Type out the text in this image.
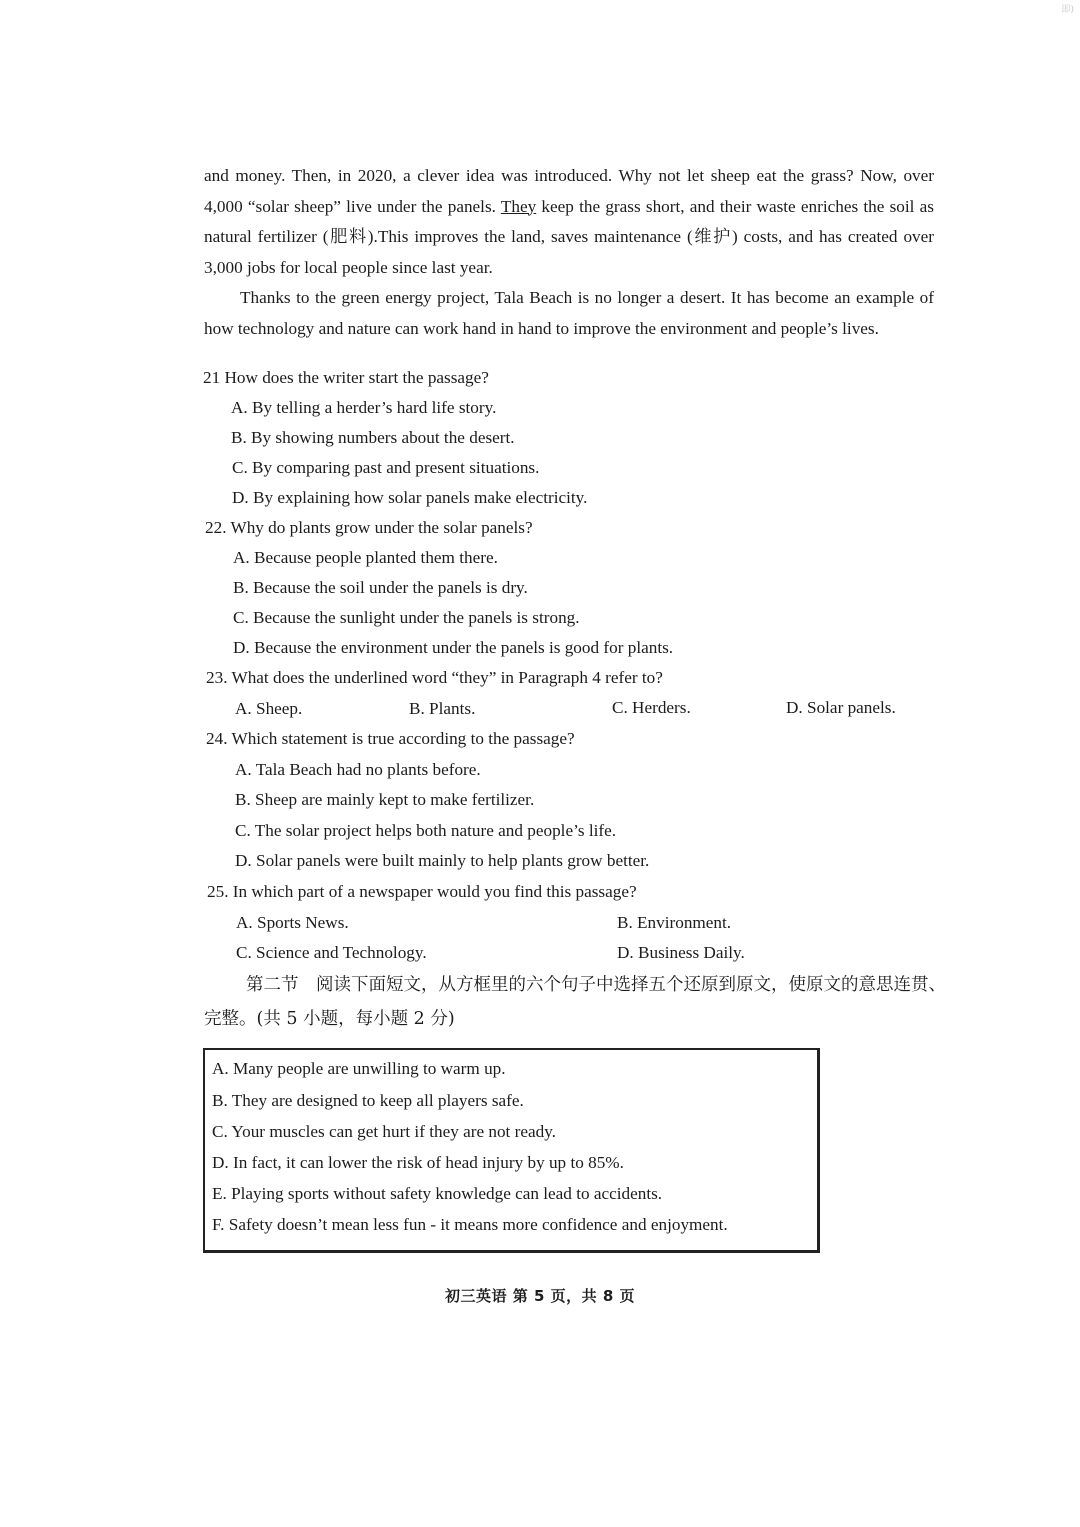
即)
and money. Then, in 2020, a clever idea was introduced. Why not let sheep eat the grass? Now, over 4,000 “solar sheep” live under the panels. They keep the grass short, and their waste enriches the soil as natural fertilizer (肥料).This improves the land, saves maintenance (维护) costs, and has created over 3,000 jobs for local people since last year.
Thanks to the green energy project, Tala Beach is no longer a desert. It has become an example of how technology and nature can work hand in hand to improve the environment and people’s lives.
21 How does the writer start the passage?
A. By telling a herder’s hard life story.
B. By showing numbers about the desert.
C. By comparing past and present situations.
D. By explaining how solar panels make electricity.
22. Why do plants grow under the solar panels?
A. Because people planted them there.
B. Because the soil under the panels is dry.
C. Because the sunlight under the panels is strong.
D. Because the environment under the panels is good for plants.
23. What does the underlined word “they” in Paragraph 4 refer to?
A. Sheep.	B. Plants.	C. Herders.	D. Solar panels.
24. Which statement is true according to the passage?
A. Tala Beach had no plants before.
B. Sheep are mainly kept to make fertilizer.
C. The solar project helps both nature and people’s life.
D. Solar panels were built mainly to help plants grow better.
25. In which part of a newspaper would you find this passage?
A. Sports News.	B. Environment.
C. Science and Technology.	D. Business Daily.
第二节　阅读下面短文，从方框里的六个句子中选择五个还原到原文，使原文的意思连贯、完整。(共 5 小题，每小题 2 分)
A. Many people are unwilling to warm up.
B. They are designed to keep all players safe.
C. Your muscles can get hurt if they are not ready.
D. In fact, it can lower the risk of head injury by up to 85%.
E. Playing sports without safety knowledge can lead to accidents.
F. Safety doesn’t mean less fun - it means more confidence and enjoyment.
初三英语 第 5 页，共 8 页
